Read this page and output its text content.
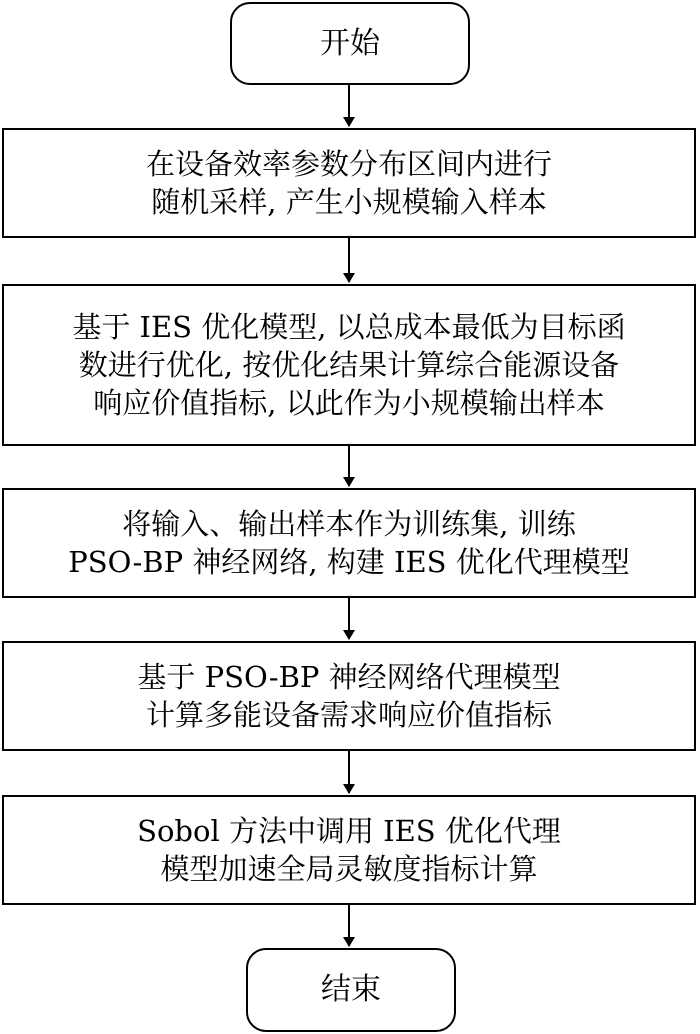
开始
在设备效率参数分布区间内进行
随机采样, 产生小规模输入样本
基于 IES 优化模型, 以总成本最低为目标函
数进行优化, 按优化结果计算综合能源设备
响应价值指标, 以此作为小规模输出样本
将输入、输出样本作为训练集, 训练
PSO-BP 神经网络, 构建 IES 优化代理模型
基于 PSO-BP 神经网络代理模型
计算多能设备需求响应价值指标
Sobol 方法中调用 IES 优化代理
模型加速全局灵敏度指标计算
结束
